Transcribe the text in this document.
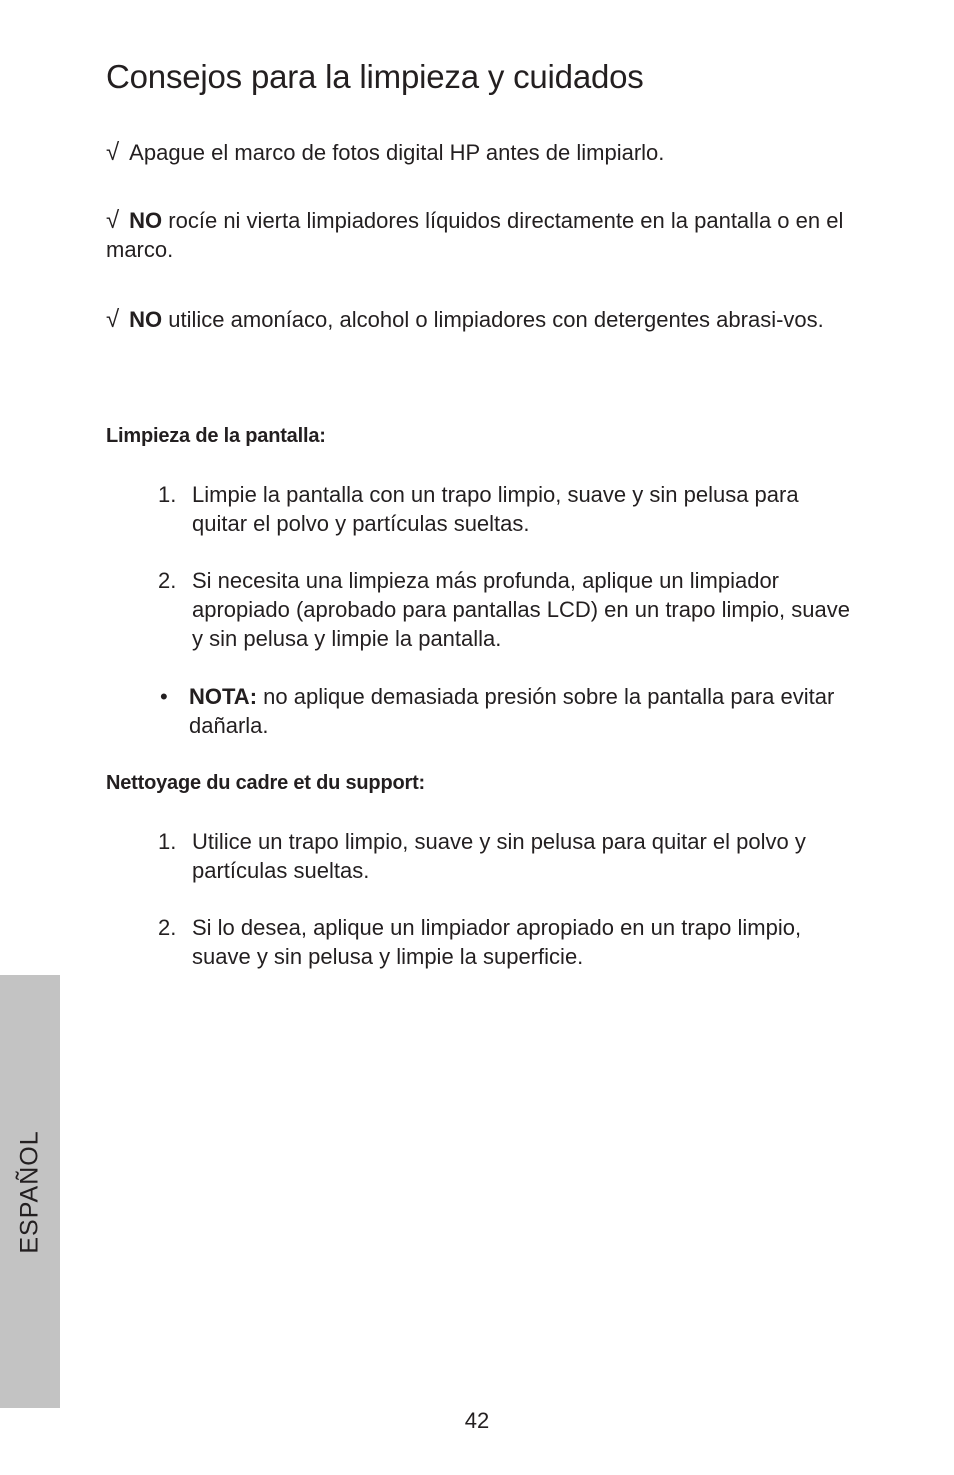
Consejos para la limpieza y cuidados
√ Apague el marco de fotos digital HP antes de limpiarlo.
√ NO rocíe ni vierta limpiadores líquidos directamente en la pantalla o en el marco.
√ NO utilice amoníaco, alcohol o limpiadores con detergentes abrasi-vos.
Limpieza de la pantalla:
1. Limpie la pantalla con un trapo limpio, suave y sin pelusa para quitar el polvo y partículas sueltas.
2. Si necesita una limpieza más profunda, aplique un limpiador apropiado (aprobado para pantallas LCD) en un trapo limpio, suave y sin pelusa y limpie la pantalla.
• NOTA: no aplique demasiada presión sobre la pantalla para evitar dañarla.
Nettoyage du cadre et du support:
1. Utilice un trapo limpio, suave y sin pelusa para quitar el polvo y partículas sueltas.
2. Si lo desea, aplique un limpiador apropiado en un trapo limpio, suave y sin pelusa y limpie la superficie.
ESPAÑOL
42
